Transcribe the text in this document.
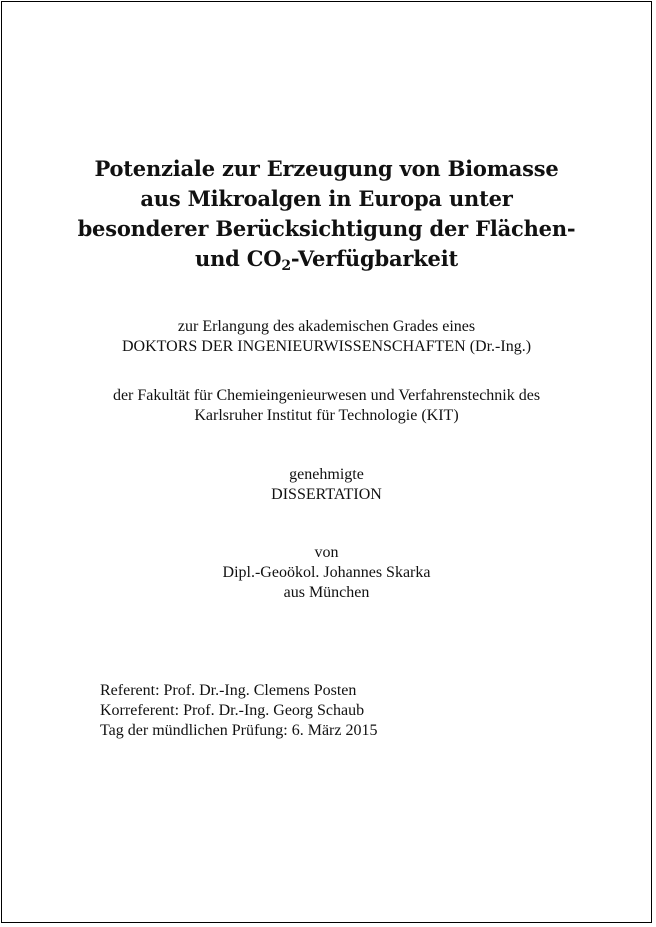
Potenziale zur Erzeugung von Biomasse
aus Mikroalgen in Europa unter
besonderer Berücksichtigung der Flächen-
und $CO_2$-Verfügbarkeit
zur Erlangung des akademischen Grades eines
DOKTORS DER INGENIEURWISSENSCHAFTEN (Dr.-Ing.)
der Fakultät für Chemieingenieurwesen und Verfahrenstechnik des
Karlsruher Institut für Technologie (KIT)
genehmigte
DISSERTATION
von
Dipl.-Geoökol. Johannes Skarka
aus München
Referent: Prof. Dr.-Ing. Clemens Posten
Korreferent: Prof. Dr.-Ing. Georg Schaub
Tag der mündlichen Prüfung: 6. März 2015
